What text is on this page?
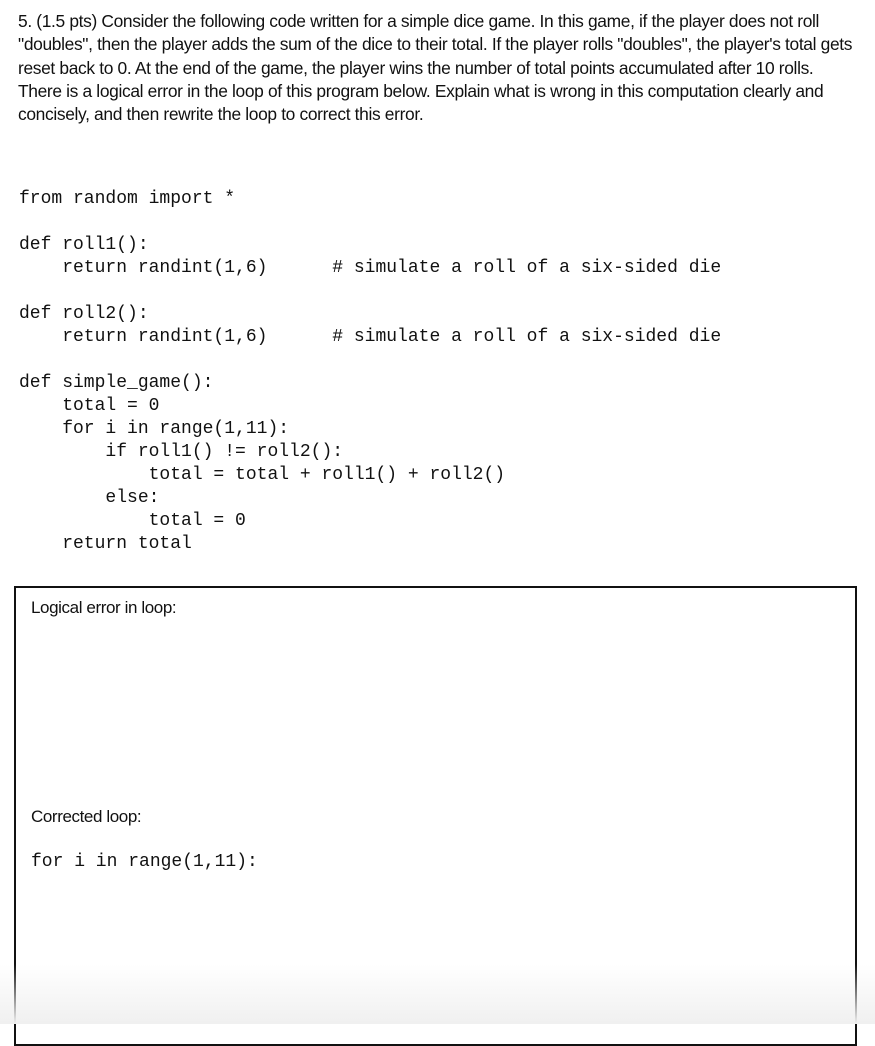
5. (1.5 pts) Consider the following code written for a simple dice game. In this game, if the player does not roll "doubles", then the player adds the sum of the dice to their total. If the player rolls "doubles", the player's total gets reset back to 0. At the end of the game, the player wins the number of total points accumulated after 10 rolls. There is a logical error in the loop of this program below. Explain what is wrong in this computation clearly and concisely, and then rewrite the loop to correct this error.
from random import *
def roll1():
return randint(1,6)      # simulate a roll of a six-sided die
def roll2():
return randint(1,6)      # simulate a roll of a six-sided die
def simple_game():
total = 0
for i in range(1,11):
if roll1() != roll2():
total = total + roll1() + roll2()
else:
total = 0
return total
Logical error in loop:
Corrected loop:
for i in range(1,11):
